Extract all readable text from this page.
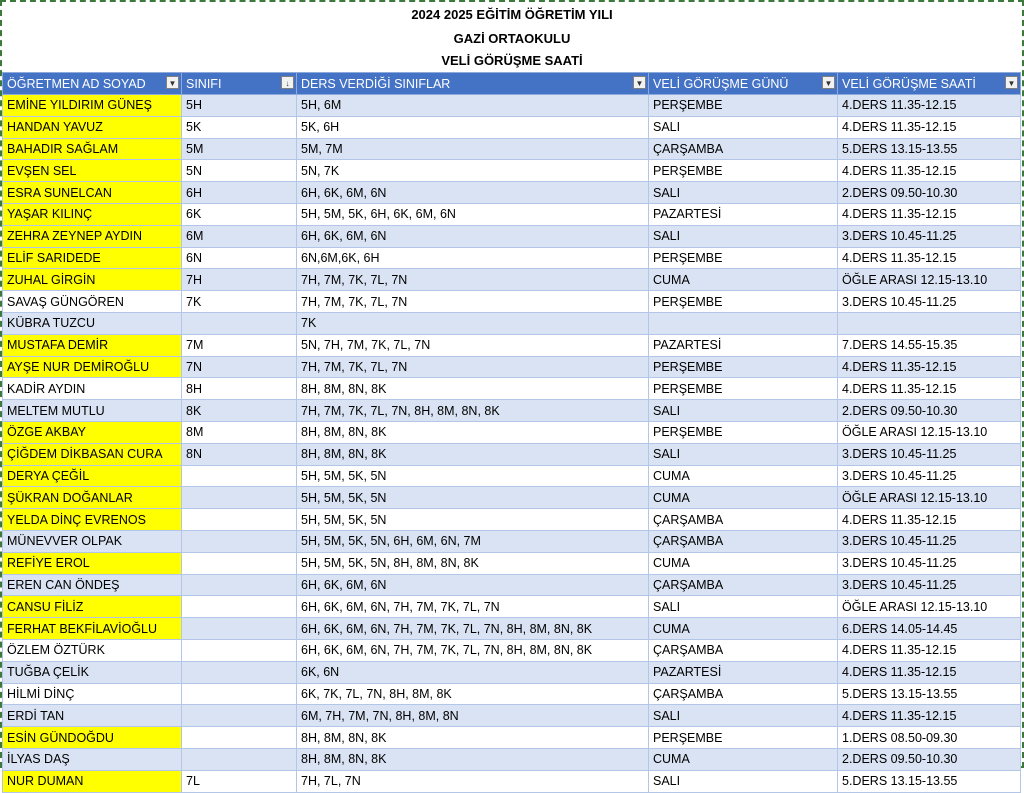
2024 2025 EĞİTİM ÖĞRETİM YILI
GAZİ ORTAOKULU
VELİ GÖRÜŞME SAATİ
ÖĞRETMEN AD SOYAD ▼	SINIFI ↓	DERS VERDİĞİ SINIFLAR ▼	VELİ GÖRÜŞME GÜNÜ ▼	VELİ GÖRÜŞME SAATİ ▼

EMİNE YILDIRIM GÜNEŞ	5H	5H, 6M	PERŞEMBE	4.DERS 11.35-12.15
HANDAN YAVUZ	5K	5K, 6H	SALI	4.DERS 11.35-12.15
BAHADIR SAĞLAM	5M	5M, 7M	ÇARŞAMBA	5.DERS 13.15-13.55
EVŞEN SEL	5N	5N, 7K	PERŞEMBE	4.DERS 11.35-12.15
ESRA SUNELCAN	6H	6H, 6K, 6M, 6N	SALI	2.DERS 09.50-10.30
YAŞAR KILINÇ	6K	5H, 5M, 5K, 6H, 6K, 6M, 6N	PAZARTESİ	4.DERS 11.35-12.15
ZEHRA ZEYNEP AYDIN	6M	6H, 6K, 6M, 6N	SALI	3.DERS 10.45-11.25
ELİF SARIDEDE	6N	6N,6M,6K, 6H	PERŞEMBE	4.DERS 11.35-12.15
ZUHAL GİRGİN	7H	7H, 7M, 7K, 7L, 7N	CUMA	ÖĞLE ARASI 12.15-13.10
SAVAŞ GÜNGÖREN	7K	7H, 7M, 7K, 7L, 7N	PERŞEMBE	3.DERS 10.45-11.25
KÜBRA TUZCU		7K		
MUSTAFA DEMİR	7M	5N, 7H, 7M, 7K, 7L, 7N	PAZARTESİ	7.DERS 14.55-15.35
AYŞE NUR DEMİROĞLU	7N	7H, 7M, 7K, 7L, 7N	PERŞEMBE	4.DERS 11.35-12.15
KADİR AYDIN	8H	8H, 8M, 8N, 8K	PERŞEMBE	4.DERS 11.35-12.15
MELTEM MUTLU	8K	7H, 7M, 7K, 7L, 7N, 8H, 8M, 8N, 8K	SALI	2.DERS 09.50-10.30
ÖZGE AKBAY	8M	8H, 8M, 8N, 8K	PERŞEMBE	ÖĞLE ARASI 12.15-13.10
ÇİĞDEM DİKBASAN CURA	8N	8H, 8M, 8N, 8K	SALI	3.DERS 10.45-11.25
DERYA ÇEĞİL		5H, 5M, 5K, 5N	CUMA	3.DERS 10.45-11.25
ŞÜKRAN DOĞANLAR		5H, 5M, 5K, 5N	CUMA	ÖĞLE ARASI 12.15-13.10
YELDA DİNÇ EVRENOS		5H, 5M, 5K, 5N	ÇARŞAMBA	4.DERS 11.35-12.15
MÜNEVVER OLPAK		5H, 5M, 5K, 5N, 6H, 6M, 6N, 7M	ÇARŞAMBA	3.DERS 10.45-11.25
REFİYE EROL		5H, 5M, 5K, 5N, 8H, 8M, 8N, 8K	CUMA	3.DERS 10.45-11.25
EREN CAN ÖNDEŞ		6H, 6K, 6M, 6N	ÇARŞAMBA	3.DERS 10.45-11.25
CANSU FİLİZ		6H, 6K, 6M, 6N, 7H, 7M, 7K, 7L, 7N	SALI	ÖĞLE ARASI 12.15-13.10
FERHAT BEKFİLAVİOĞLU		6H, 6K, 6M, 6N, 7H, 7M, 7K, 7L, 7N, 8H, 8M, 8N, 8K	CUMA	6.DERS 14.05-14.45
ÖZLEM ÖZTÜRK		6H, 6K, 6M, 6N, 7H, 7M, 7K, 7L, 7N, 8H, 8M, 8N, 8K	ÇARŞAMBA	4.DERS 11.35-12.15
TUĞBA ÇELİK		6K, 6N	PAZARTESİ	4.DERS 11.35-12.15
HİLMİ DİNÇ		6K, 7K, 7L, 7N, 8H, 8M, 8K	ÇARŞAMBA	5.DERS 13.15-13.55
ERDİ TAN		6M, 7H, 7M, 7N, 8H, 8M, 8N	SALI	4.DERS 11.35-12.15
ESİN GÜNDOĞDU		8H, 8M, 8N, 8K	PERŞEMBE	1.DERS 08.50-09.30
İLYAS DAŞ		8H, 8M, 8N, 8K	CUMA	2.DERS 09.50-10.30
NUR DUMAN	7L	7H, 7L, 7N	SALI	5.DERS 13.15-13.55
